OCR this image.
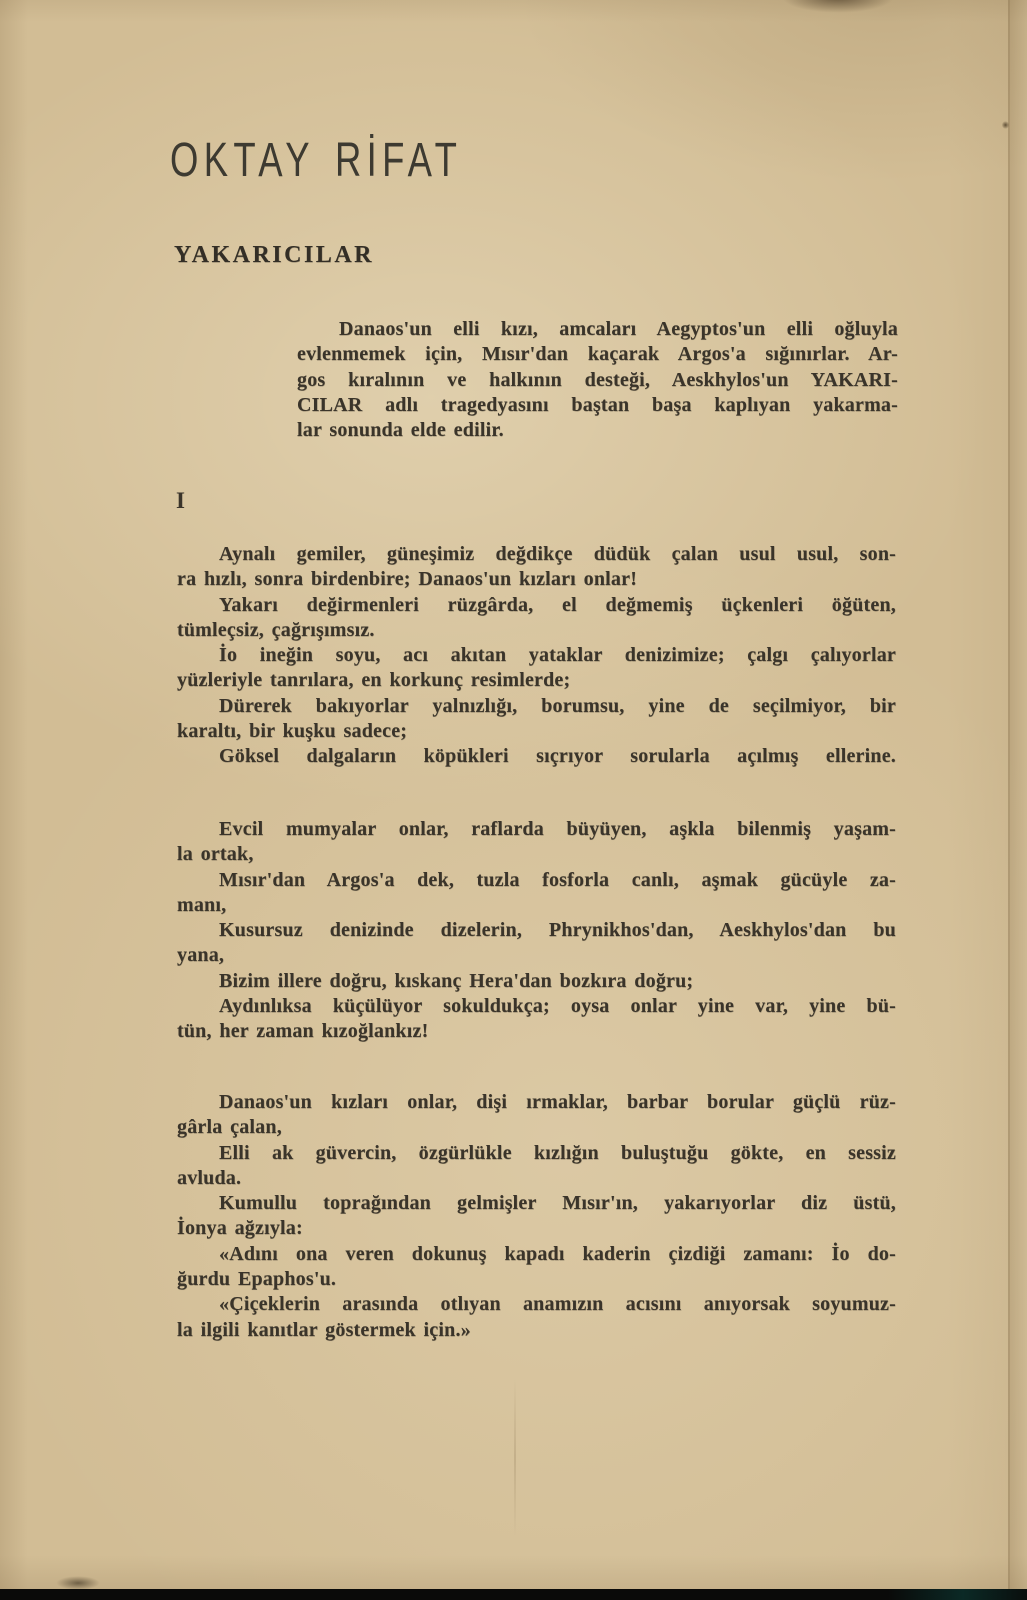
OKTAY RİFAT
YAKARICILAR
Danaos'un elli kızı, amcaları Aegyptos'un elli oğluyla
evlenmemek için, Mısır'dan kaçarak Argos'a sığınırlar. Ar-
gos kıralının ve halkının desteği, Aeskhylos'un YAKARI-
CILAR adlı tragedyasını baştan başa kaplıyan yakarma-
lar sonunda elde edilir.
I
Aynalı gemiler, güneşimiz değdikçe düdük çalan usul usul, son-
ra hızlı, sonra birdenbire; Danaos'un kızları onlar!
Yakarı değirmenleri rüzgârda, el değmemiş üçkenleri öğüten,
tümleçsiz, çağrışımsız.
İo ineğin soyu, acı akıtan yataklar denizimize; çalgı çalıyorlar
yüzleriyle tanrılara, en korkunç resimlerde;
Dürerek bakıyorlar yalnızlığı, borumsu, yine de seçilmiyor, bir
karaltı, bir kuşku sadece;
Göksel dalgaların köpükleri sıçrıyor sorularla açılmış ellerine.
Evcil mumyalar onlar, raflarda büyüyen, aşkla bilenmiş yaşam-
la ortak,
Mısır'dan Argos'a dek, tuzla fosforla canlı, aşmak gücüyle za-
manı,
Kusursuz denizinde dizelerin, Phrynikhos'dan, Aeskhylos'dan bu
yana,
Bizim illere doğru, kıskanç Hera'dan bozkıra doğru;
Aydınlıksa küçülüyor sokuldukça; oysa onlar yine var, yine bü-
tün, her zaman kızoğlankız!
Danaos'un kızları onlar, dişi ırmaklar, barbar borular güçlü rüz-
gârla çalan,
Elli ak güvercin, özgürlükle kızlığın buluştuğu gökte, en sessiz
avluda.
Kumullu toprağından gelmişler Mısır'ın, yakarıyorlar diz üstü,
İonya ağzıyla:
«Adını ona veren dokunuş kapadı kaderin çizdiği zamanı: İo do-
ğurdu Epaphos'u.
«Çiçeklerin arasında otlıyan anamızın acısını anıyorsak soyumuz-
la ilgili kanıtlar göstermek için.»
